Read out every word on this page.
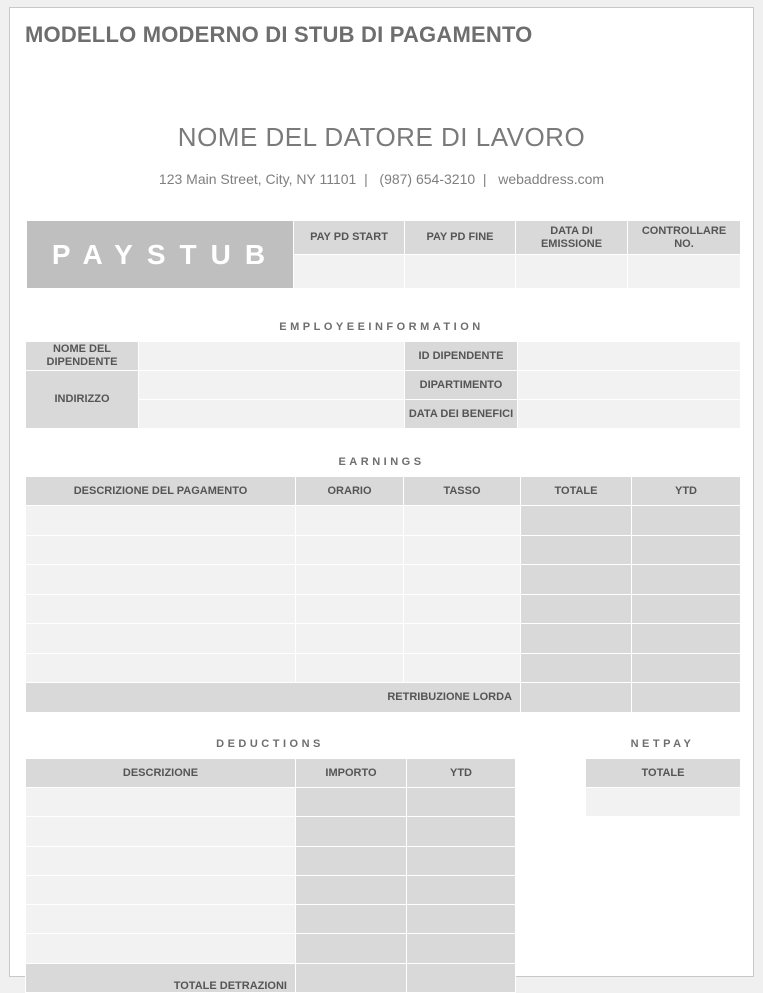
MODELLO MODERNO DI STUB DI PAGAMENTO
NOME DEL DATORE DI LAVORO
123 Main Street, City, NY 11101  |   (987) 654-3210  |   webaddress.com
PAYSTUB	PAY PD START	PAY PD FINE	DATA DI EMISSIONE	CONTROLLARE NO.

EMPLOYEEINFORMATION
NOME DEL DIPENDENTE		ID DIPENDENTE	
INDIRIZZO		DIPARTIMENTO	
		DATA DEI BENEFICI	
EARNINGS
DESCRIZIONE DEL PAGAMENTO	ORARIO	TASSO	TOTALE	YTD

RETRIBUZIONE LORDA				
DEDUCTIONS
DESCRIZIONE	IMPORTO	YTD

TOTALE DETRAZIONI		
NETPAY
TOTALE
